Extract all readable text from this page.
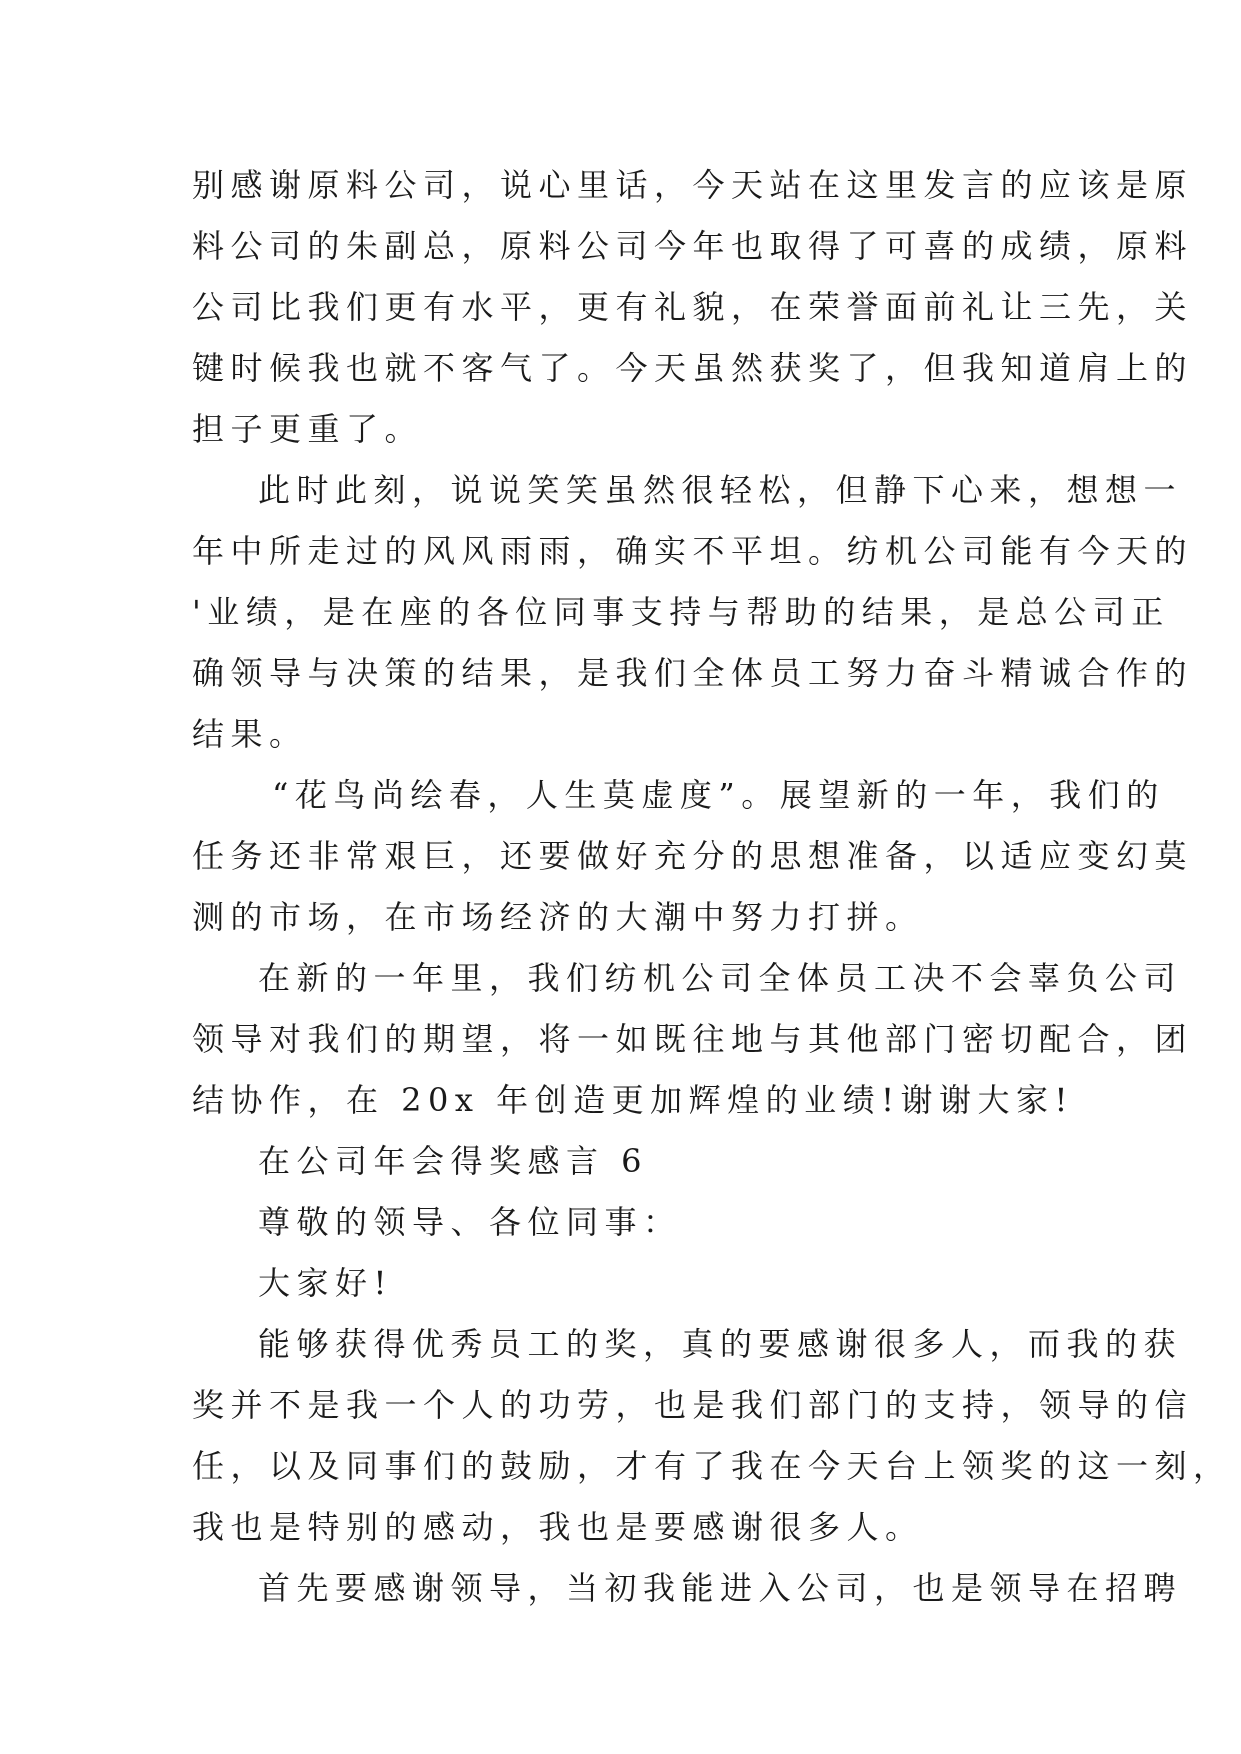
别感谢原料公司，说心里话，今天站在这里发言的应该是原
料公司的朱副总，原料公司今年也取得了可喜的成绩，原料
公司比我们更有水平，更有礼貌，在荣誉面前礼让三先，关
键时候我也就不客气了。今天虽然获奖了，但我知道肩上的
担子更重了。
此时此刻，说说笑笑虽然很轻松，但静下心来，想想一
年中所走过的风风雨雨，确实不平坦。纺机公司能有今天的
'业绩，是在座的各位同事支持与帮助的结果，是总公司正
确领导与决策的结果，是我们全体员工努力奋斗精诚合作的
结果。
“花鸟尚绘春，人生莫虚度”。展望新的一年，我们的
任务还非常艰巨，还要做好充分的思想准备，以适应变幻莫
测的市场，在市场经济的大潮中努力打拼。
在新的一年里，我们纺机公司全体员工决不会辜负公司
领导对我们的期望，将一如既往地与其他部门密切配合，团
结协作，在 20x 年创造更加辉煌的业绩!谢谢大家!
在公司年会得奖感言 6
尊敬的领导、各位同事：
大家好!
能够获得优秀员工的奖，真的要感谢很多人，而我的获
奖并不是我一个人的功劳，也是我们部门的支持，领导的信
任，以及同事们的鼓励，才有了我在今天台上领奖的这一刻，
我也是特别的感动，我也是要感谢很多人。
首先要感谢领导，当初我能进入公司，也是领导在招聘
